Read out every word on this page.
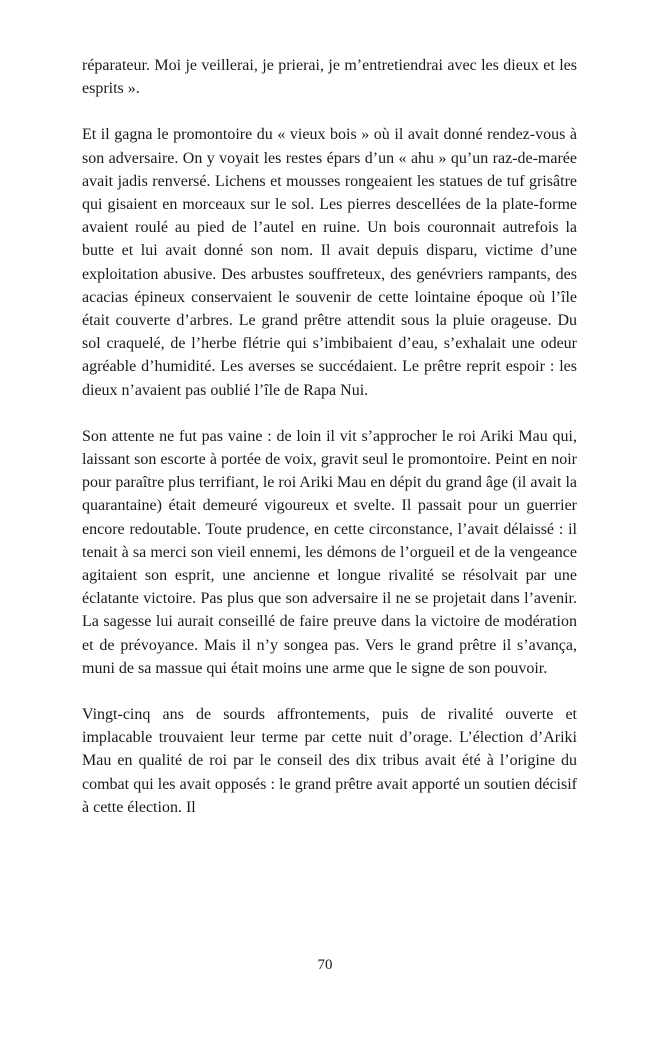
réparateur. Moi je veillerai, je prierai, je m’entretiendrai avec les dieux et les esprits ».

Et il gagna le promontoire du « vieux bois » où il avait donné rendez-vous à son adversaire. On y voyait les restes épars d’un « ahu » qu’un raz-de-marée avait jadis renversé. Lichens et mousses rongeaient les statues de tuf grisâtre qui gisaient en morceaux sur le sol. Les pierres descellées de la plate-forme avaient roulé au pied de l’autel en ruine. Un bois couronnait autrefois la butte et lui avait donné son nom. Il avait depuis disparu, victime d’une exploitation abusive. Des arbustes souffreteux, des genévriers rampants, des acacias épineux conservaient le souvenir de cette lointaine époque où l’île était couverte d’arbres. Le grand prêtre attendit sous la pluie orageuse. Du sol craquelé, de l’herbe flétrie qui s’imbibaient d’eau, s’exhalait une odeur agréable d’humidité. Les averses se succédaient. Le prêtre reprit espoir : les dieux n’avaient pas oublié l’île de Rapa Nui.

Son attente ne fut pas vaine : de loin il vit s’approcher le roi Ariki Mau qui, laissant son escorte à portée de voix, gravit seul le promontoire. Peint en noir pour paraître plus terrifiant, le roi Ariki Mau en dépit du grand âge (il avait la quarantaine) était demeuré vigoureux et svelte. Il passait pour un guerrier encore redoutable. Toute prudence, en cette circonstance, l’avait délaissé : il tenait à sa merci son vieil ennemi, les démons de l’orgueil et de la vengeance agitaient son esprit, une ancienne et longue rivalité se résolvait par une éclatante victoire. Pas plus que son adversaire il ne se projetait dans l’avenir. La sagesse lui aurait conseillé de faire preuve dans la victoire de modération et de prévoyance. Mais il n’y songea pas. Vers le grand prêtre il s’avança, muni de sa massue qui était moins une arme que le signe de son pouvoir.

Vingt-cinq ans de sourds affrontements, puis de rivalité ouverte et implacable trouvaient leur terme par cette nuit d’orage. L’élection d’Ariki Mau en qualité de roi par le conseil des dix tribus avait été à l’origine du combat qui les avait opposés : le grand prêtre avait apporté un soutien décisif à cette élection. Il

70
